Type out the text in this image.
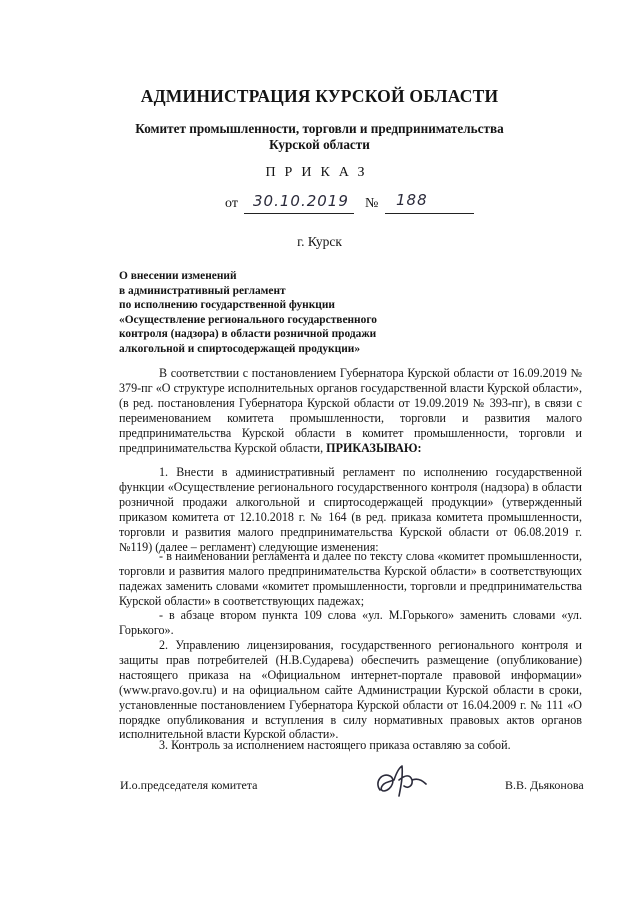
АДМИНИСТРАЦИЯ КУРСКОЙ ОБЛАСТИ
Комитет промышленности, торговли и предпринимательства
Курской области
ПРИКАЗ
от 30.10.2019 № 188
г. Курск
О внесении изменений
в административный регламент
по исполнению государственной функции
«Осуществление регионального государственного
контроля (надзора) в области розничной продажи
алкогольной и спиртосодержащей продукции»

В соответствии с постановлением Губернатора Курской области от 16.09.2019 № 379-пг «О структуре исполнительных органов государственной власти Курской области», (в ред. постановления Губернатора Курской области от 19.09.2019 № 393-пг), в связи с переименованием комитета промышленности, торговли и развития малого предпринимательства Курской области в комитет промышленности, торговли и предпринимательства Курской области, ПРИКАЗЫВАЮ:

1. Внести в административный регламент по исполнению государственной функции «Осуществление регионального государственного контроля (надзора) в области розничной продажи алкогольной и спиртосодержащей продукции» (утвержденный приказом комитета от 12.10.2018 г. № 164 (в ред. приказа комитета промышленности, торговли и развития малого предпринимательства Курской области от 06.08.2019 г. №119) (далее – регламент) следующие изменения:

- в наименовании регламента и далее по тексту слова «комитет промышленности, торговли и развития малого предпринимательства Курской области» в соответствующих падежах заменить словами «комитет промышленности, торговли и предпринимательства Курской области» в соответствующих падежах;

- в абзаце втором пункта 109 слова «ул. М.Горького» заменить словами «ул. Горького».

2. Управлению лицензирования, государственного регионального контроля и защиты прав потребителей (Н.В.Сударева) обеспечить размещение (опубликование) настоящего приказа на «Официальном интернет-портале правовой информации» (www.pravo.gov.ru) и на официальном сайте Администрации Курской области в сроки, установленные постановлением Губернатора Курской области от 16.04.2009 г. № 111 «О порядке опубликования и вступления в силу нормативных правовых актов органов исполнительной власти Курской области».

3. Контроль за исполнением настоящего приказа оставляю за собой.

И.о.председателя комитета	В.В. Дьяконова
